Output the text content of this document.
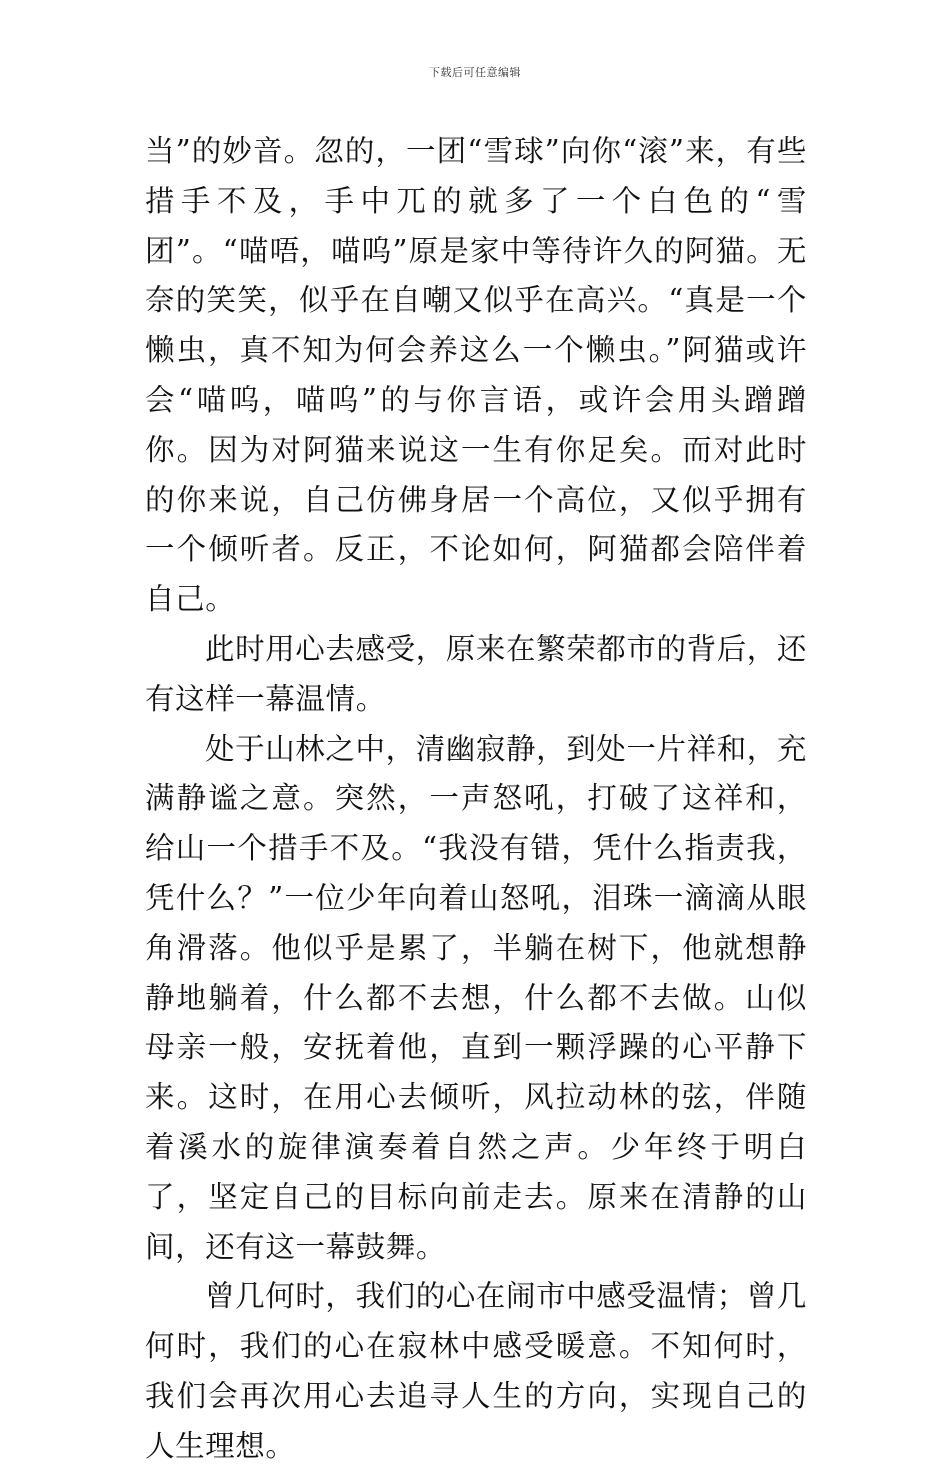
下载后可任意编辑

当”的妙音。忽的，一团“雪球”向你“滚”来，有些措手不及，手中兀的就多了一个白色的“雪团”。“喵唔，喵呜”原是家中等待许久的阿猫。无奈的笑笑，似乎在自嘲又似乎在高兴。“真是一个懒虫，真不知为何会养这么一个懒虫。”阿猫或许会“喵呜，喵呜”的与你言语，或许会用头蹭蹭你。因为对阿猫来说这一生有你足矣。而对此时的你来说，自己仿佛身居一个高位，又似乎拥有一个倾听者。反正，不论如何，阿猫都会陪伴着自己。

此时用心去感受，原来在繁荣都市的背后，还有这样一幕温情。

处于山林之中，清幽寂静，到处一片祥和，充满静谧之意。突然，一声怒吼，打破了这祥和，给山一个措手不及。“我没有错，凭什么指责我，凭什么？”一位少年向着山怒吼，泪珠一滴滴从眼角滑落。他似乎是累了，半躺在树下，他就想静静地躺着，什么都不去想，什么都不去做。山似母亲一般，安抚着他，直到一颗浮躁的心平静下来。这时，在用心去倾听，风拉动林的弦，伴随着溪水的旋律演奏着自然之声。少年终于明白了，坚定自己的目标向前走去。原来在清静的山间，还有这一幕鼓舞。

曾几何时，我们的心在闹市中感受温情；曾几何时，我们的心在寂林中感受暖意。不知何时，我们会再次用心去追寻人生的方向，实现自己的人生理想。
